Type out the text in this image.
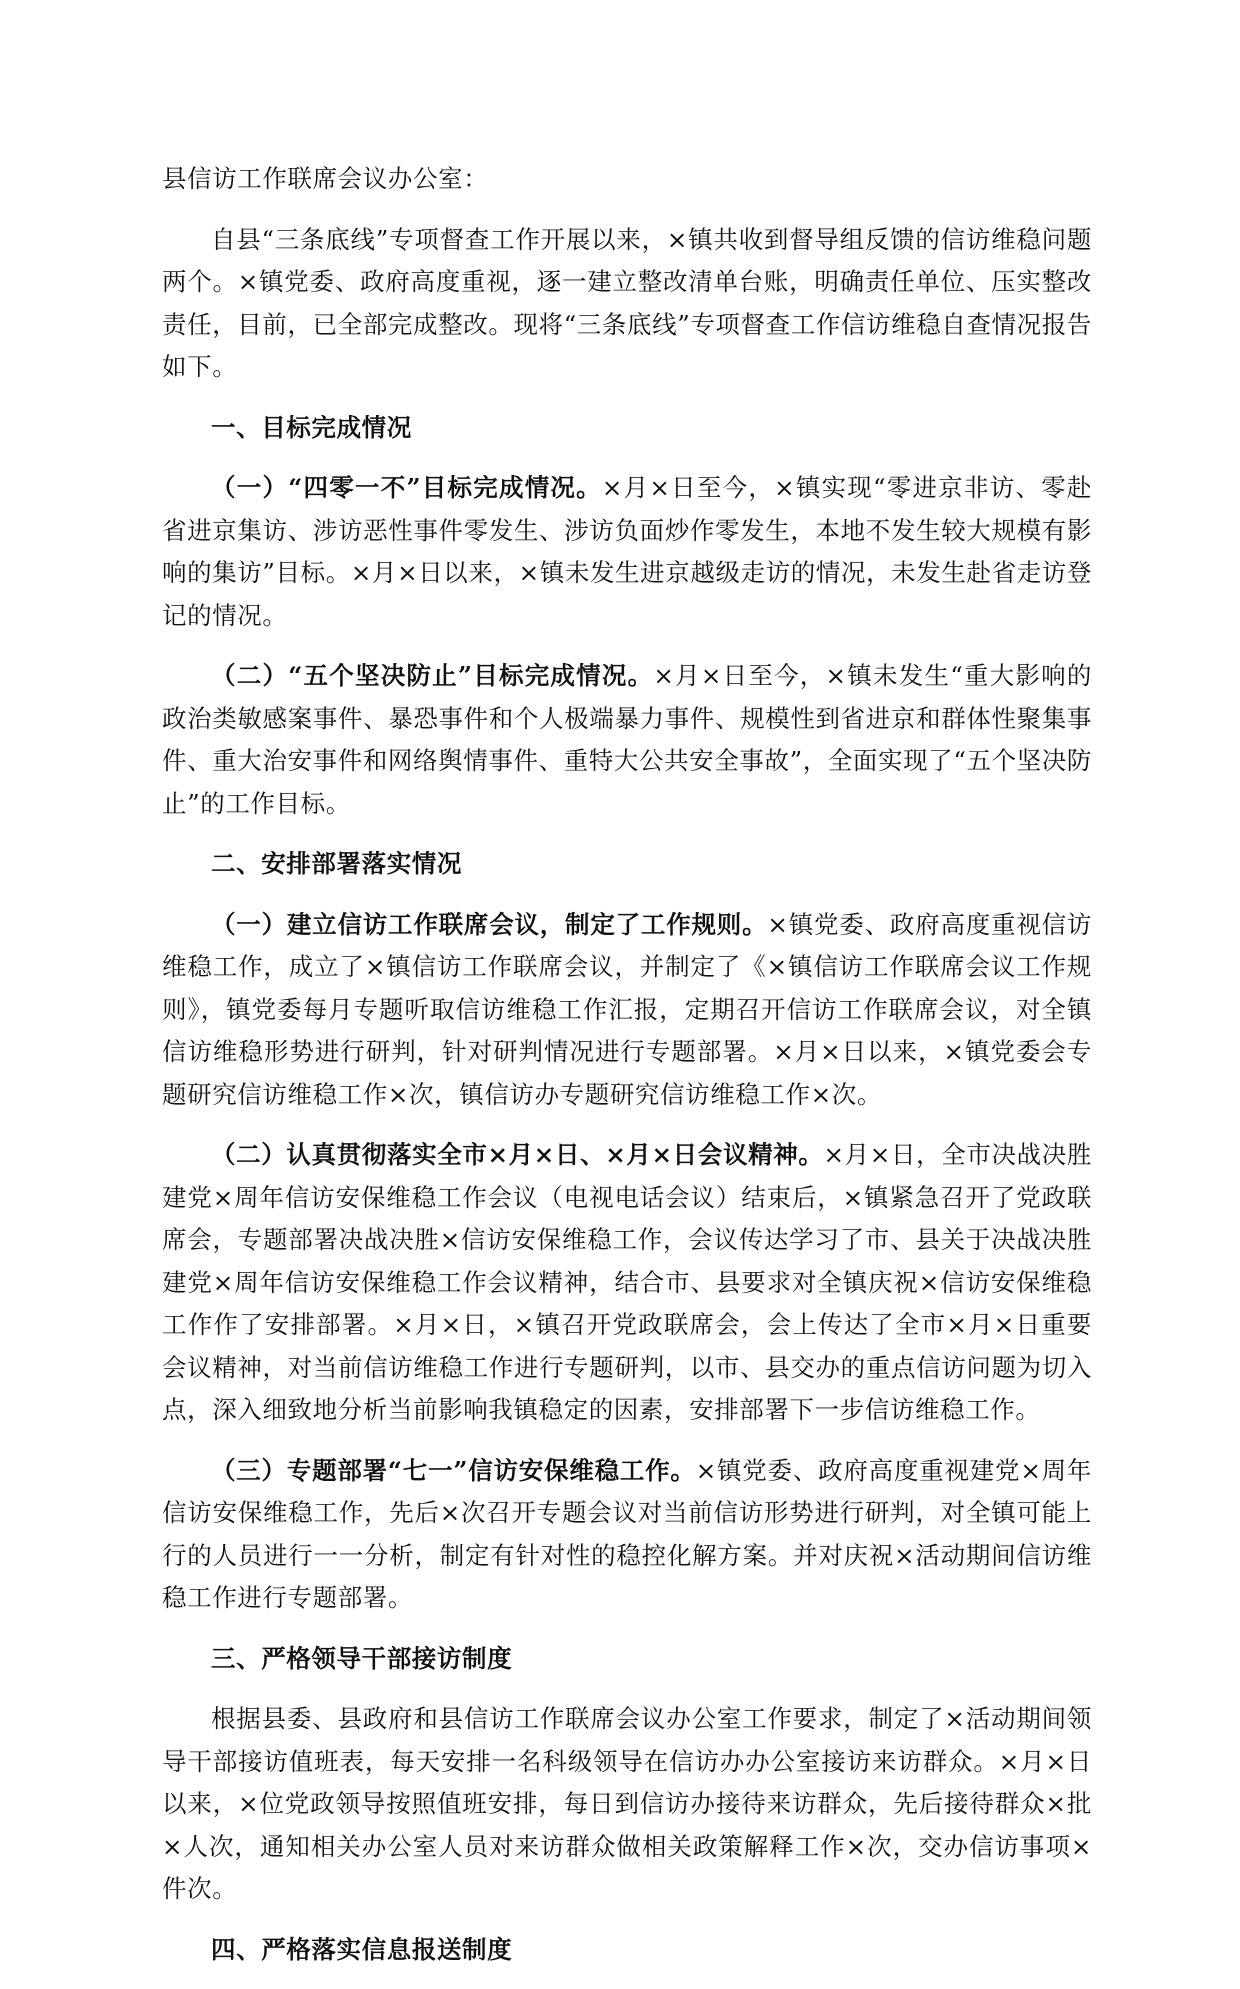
县信访工作联席会议办公室：

自县“三条底线”专项督查工作开展以来，×镇共收到督导组反馈的信访维稳问题两个。×镇党委、政府高度重视，逐一建立整改清单台账，明确责任单位、压实整改责任，目前，已全部完成整改。现将“三条底线”专项督查工作信访维稳自查情况报告如下。

一、目标完成情况

（一）“四零一不”目标完成情况。×月×日至今，×镇实现“零进京非访、零赴省进京集访、涉访恶性事件零发生、涉访负面炒作零发生，本地不发生较大规模有影响的集访”目标。×月×日以来，×镇未发生进京越级走访的情况，未发生赴省走访登记的情况。

（二）“五个坚决防止”目标完成情况。×月×日至今，×镇未发生“重大影响的政治类敏感案事件、暴恐事件和个人极端暴力事件、规模性到省进京和群体性聚集事件、重大治安事件和网络舆情事件、重特大公共安全事故”，全面实现了“五个坚决防止”的工作目标。

二、安排部署落实情况

（一）建立信访工作联席会议，制定了工作规则。×镇党委、政府高度重视信访维稳工作，成立了×镇信访工作联席会议，并制定了《×镇信访工作联席会议工作规则》，镇党委每月专题听取信访维稳工作汇报，定期召开信访工作联席会议，对全镇信访维稳形势进行研判，针对研判情况进行专题部署。×月×日以来，×镇党委会专题研究信访维稳工作×次，镇信访办专题研究信访维稳工作×次。

（二）认真贯彻落实全市×月×日、×月×日会议精神。×月×日，全市决战决胜建党×周年信访安保维稳工作会议（电视电话会议）结束后，×镇紧急召开了党政联席会，专题部署决战决胜×信访安保维稳工作，会议传达学习了市、县关于决战决胜建党×周年信访安保维稳工作会议精神，结合市、县要求对全镇庆祝×信访安保维稳工作作了安排部署。×月×日，×镇召开党政联席会，会上传达了全市×月×日重要会议精神，对当前信访维稳工作进行专题研判，以市、县交办的重点信访问题为切入点，深入细致地分析当前影响我镇稳定的因素，安排部署下一步信访维稳工作。

（三）专题部署“七一”信访安保维稳工作。×镇党委、政府高度重视建党×周年信访安保维稳工作，先后×次召开专题会议对当前信访形势进行研判，对全镇可能上行的人员进行一一分析，制定有针对性的稳控化解方案。并对庆祝×活动期间信访维稳工作进行专题部署。

三、严格领导干部接访制度

根据县委、县政府和县信访工作联席会议办公室工作要求，制定了×活动期间领导干部接访值班表，每天安排一名科级领导在信访办办公室接访来访群众。×月×日以来，×位党政领导按照值班安排，每日到信访办接待来访群众，先后接待群众×批×人次，通知相关办公室人员对来访群众做相关政策解释工作×次，交办信访事项×件次。

四、严格落实信息报送制度
